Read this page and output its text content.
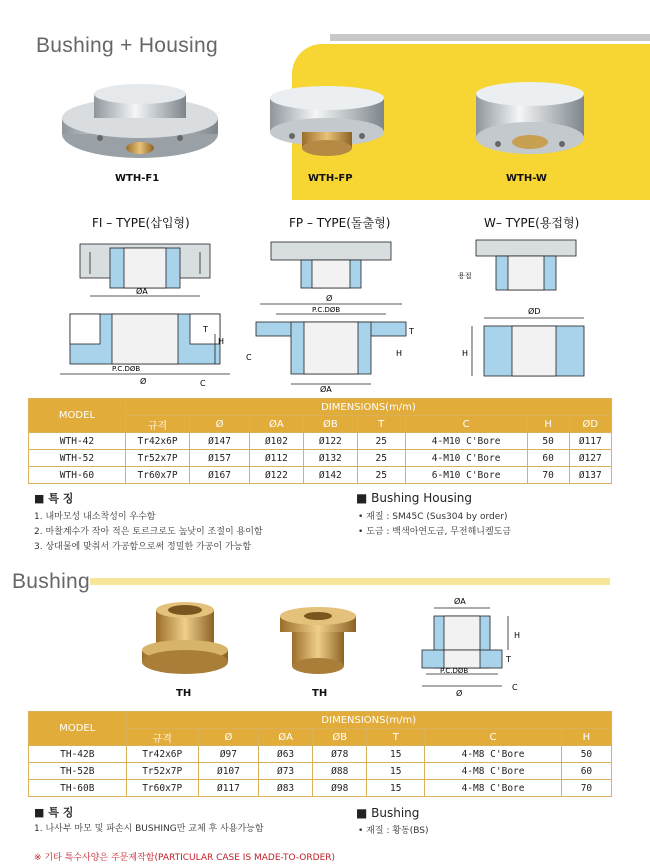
Bushing + Housing
WTH-F1	WTH-FP	WTH-W
FI – TYPE(삽입형)	FP – TYPE(돌출형)	W– TYPE(용접형)
ØA
P.C.DØB
Ø
H
T
C
Ø
P.C.DØB
ØA
C
T
H
용접
ØD
H
MODEL	DIMENSIONS(m/m)							
	규격	Ø	ØA	ØB	T	C	H	ØD
WTH-42	Tr42x6P	Ø147	Ø102	Ø122	25	4-M10 C'Bore	50	Ø117
WTH-52	Tr52x7P	Ø157	Ø112	Ø132	25	4-M10 C'Bore	60	Ø127
WTH-60	Tr60x7P	Ø167	Ø122	Ø142	25	6-M10 C'Bore	70	Ø137
■ 특 징
1. 내마모성 내소착성이 우수함
2. 마찰계수가 작아 적은 토르크로도 높낮이 조절이 용이함
3. 상대물에 맞춰서 가공함으로써 정밀한 가공이 가능함
■ Bushing Housing
• 재질 : SM45C (Sus304 by order)
• 도금 : 백색아연도금, 무전해니켈도금
Bushing
TH	TH
ØA
P.C.DØB
Ø
H
T
C
MODEL	DIMENSIONS(m/m)						
	규격	Ø	ØA	ØB	T	C	H
TH-42B	Tr42x6P	Ø97	Ø63	Ø78	15	4-M8 C'Bore	50
TH-52B	Tr52x7P	Ø107	Ø73	Ø88	15	4-M8 C'Bore	60
TH-60B	Tr60x7P	Ø117	Ø83	Ø98	15	4-M8 C'Bore	70
■ 특 징
1. 나사부 마모 및 파손시 BUSHING만 교체 후 사용가능함
■ Bushing
• 재질 : 황동(BS)
※ 기타 특수사양은 주문제작함(PARTICULAR CASE IS MADE-TO-ORDER)
